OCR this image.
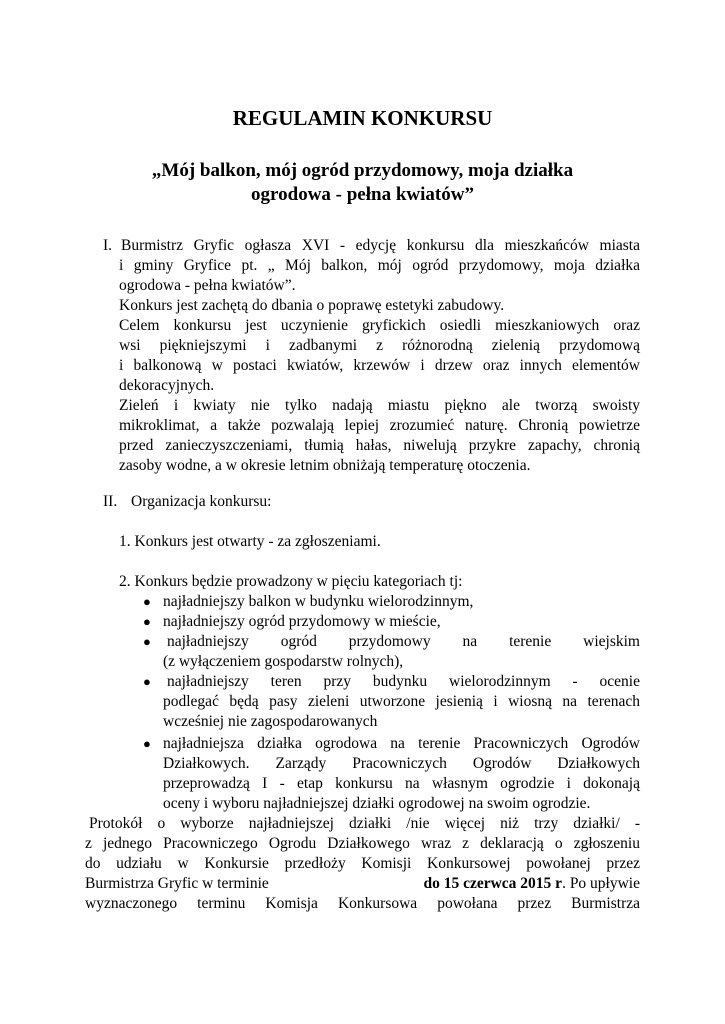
REGULAMIN KONKURSU
„Mój balkon, mój ogród przydomowy, moja działka
ogrodowa - pełna kwiatów”
I. Burmistrz Gryfic ogłasza XVI - edycję konkursu dla mieszkańców miasta
i gminy Gryfice pt. „ Mój balkon, mój ogród przydomowy, moja działka
ogrodowa - pełna kwiatów”.
Konkurs jest zachętą do dbania o poprawę estetyki zabudowy.
Celem konkursu jest uczynienie gryfickich osiedli mieszkaniowych oraz
wsi piękniejszymi i zadbanymi z różnorodną zielenią przydomową
i balkonową w postaci kwiatów, krzewów i drzew oraz innych elementów
dekoracyjnych.
Zieleń i kwiaty nie tylko nadają miastu piękno ale tworzą swoisty
mikroklimat, a także pozwalają lepiej zrozumieć naturę. Chronią powietrze
przed zanieczyszczeniami, tłumią hałas, niwelują przykre zapachy, chronią
zasoby wodne, a w okresie letnim obniżają temperaturę otoczenia.
II. Organizacja konkursu:
1. Konkurs jest otwarty - za zgłoszeniami.
2. Konkurs będzie prowadzony w pięciu kategoriach tj:
● najładniejszy balkon w budynku wielorodzinnym,
● najładniejszy ogród przydomowy w mieście,
● najładniejszy ogród przydomowy na terenie wiejskim
(z wyłączeniem gospodarstw rolnych),
● najładniejszy teren przy budynku wielorodzinnym - ocenie
podlegać będą pasy zieleni utworzone jesienią i wiosną na terenach
wcześniej nie zagospodarowanych
● najładniejsza działka ogrodowa na terenie Pracowniczych Ogrodów
Działkowych. Zarządy Pracowniczych Ogrodów Działkowych
przeprowadzą I - etap konkursu na własnym ogrodzie i dokonają
oceny i wyboru najładniejszej działki ogrodowej na swoim ogrodzie.
Protokół o wyborze najładniejszej działki /nie więcej niż trzy działki/ -
z jednego Pracowniczego Ogrodu Działkowego wraz z deklaracją o zgłoszeniu
do udziału w Konkursie przedłoży Komisji Konkursowej powołanej przez
Burmistrza Gryfic w terminie	do 15 czerwca 2015 r. Po upływie
wyznaczonego terminu Komisja Konkursowa powołana przez Burmistrza
